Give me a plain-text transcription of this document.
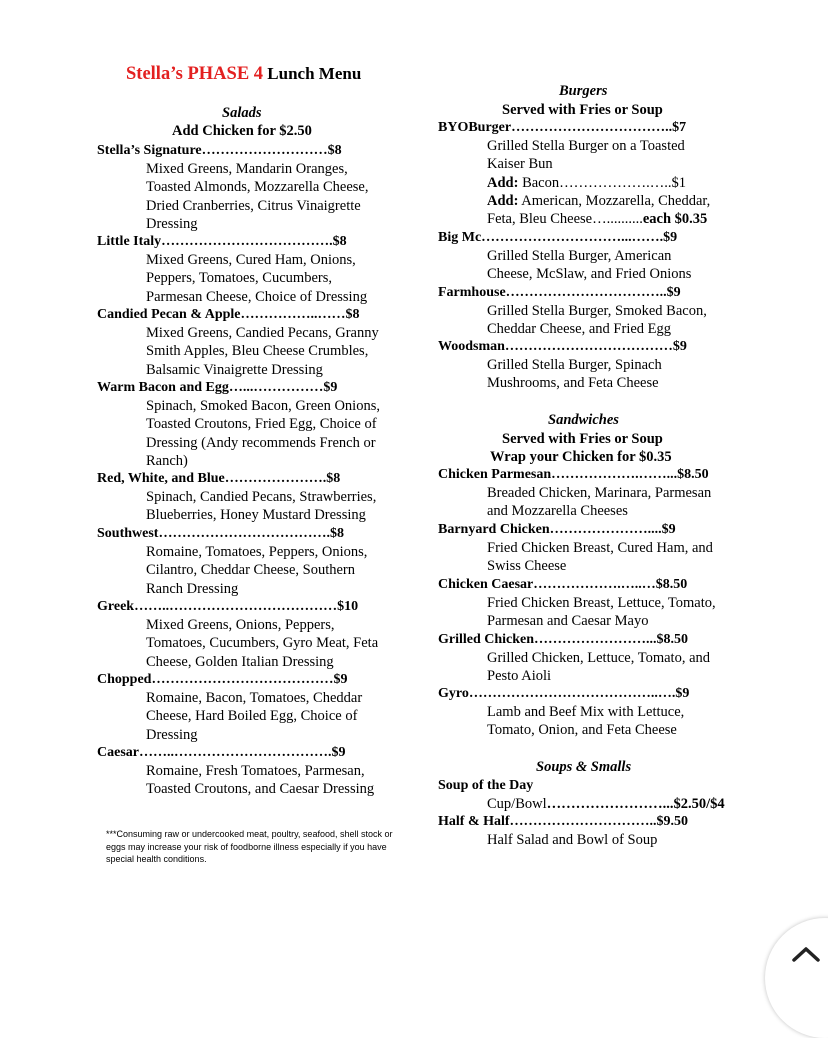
Stella’s PHASE 4 Lunch Menu
Salads
Add Chicken for $2.50
Stella’s Signature………………………$8
Mixed Greens, Mandarin Oranges,
Toasted Almonds, Mozzarella Cheese,
Dried Cranberries, Citrus Vinaigrette
Dressing
Little Italy……………………………….$8
Mixed Greens, Cured Ham, Onions,
Peppers, Tomatoes, Cucumbers,
Parmesan Cheese, Choice of Dressing
Candied Pecan & Apple……………..……$8
Mixed Greens, Candied Pecans, Granny
Smith Apples, Bleu Cheese Crumbles,
Balsamic Vinaigrette Dressing
Warm Bacon and Egg…...……………$9
Spinach, Smoked Bacon, Green Onions,
Toasted Croutons, Fried Egg, Choice of
Dressing (Andy recommends French or
Ranch)
Red, White, and Blue………………….$8
Spinach, Candied Pecans, Strawberries,
Blueberries, Honey Mustard Dressing
Southwest……………………………….$8
Romaine, Tomatoes, Peppers, Onions,
Cilantro, Cheddar Cheese, Southern
Ranch Dressing
Greek……..………………………………$10
Mixed Greens, Onions, Peppers,
Tomatoes, Cucumbers, Gyro Meat, Feta
Cheese, Golden Italian Dressing
Chopped…………………………………$9
Romaine, Bacon, Tomatoes, Cheddar
Cheese, Hard Boiled Egg, Choice of
Dressing
Caesar……..…………………………….$9
Romaine, Fresh Tomatoes, Parmesan,
Toasted Croutons, and Caesar Dressing
***Consuming raw or undercooked meat, poultry, seafood, shell stock or eggs may increase your risk of foodborne illness especially if you have special health conditions.
Burgers
Served with Fries or Soup
BYOBurger……………………………..$7
Grilled Stella Burger on a Toasted
Kaiser Bun
Add: Bacon……………….…..$1
Add: American, Mozzarella, Cheddar,
Feta, Bleu Cheese…..........each $0.35
Big Mc…………………………...…….$9
Grilled Stella Burger, American
Cheese, McSlaw, and Fried Onions
Farmhouse……………………………..$9
Grilled Stella Burger, Smoked Bacon,
Cheddar Cheese, and Fried Egg
Woodsman………………………………$9
Grilled Stella Burger, Spinach
Mushrooms, and Feta Cheese
Sandwiches
Served with Fries or Soup
Wrap your Chicken for $0.35
Chicken Parmesan……………….……...$8.50
Breaded Chicken, Marinara, Parmesan
and Mozzarella Cheeses
Barnyard Chicken…………………....$9
Fried Chicken Breast, Cured Ham, and
Swiss Cheese
Chicken Caesar……………….…..…$8.50
Fried Chicken Breast, Lettuce, Tomato,
Parmesan and Caesar Mayo
Grilled Chicken……………………...$8.50
Grilled Chicken, Lettuce, Tomato, and
Pesto Aioli
Gyro…………………………………..….$9
Lamb and Beef Mix with Lettuce,
Tomato, Onion, and Feta Cheese
Soups & Smalls
Soup of the Day
Cup/Bowl……………………...$2.50/$4
Half & Half…………………………..$9.50
Half Salad and Bowl of Soup
